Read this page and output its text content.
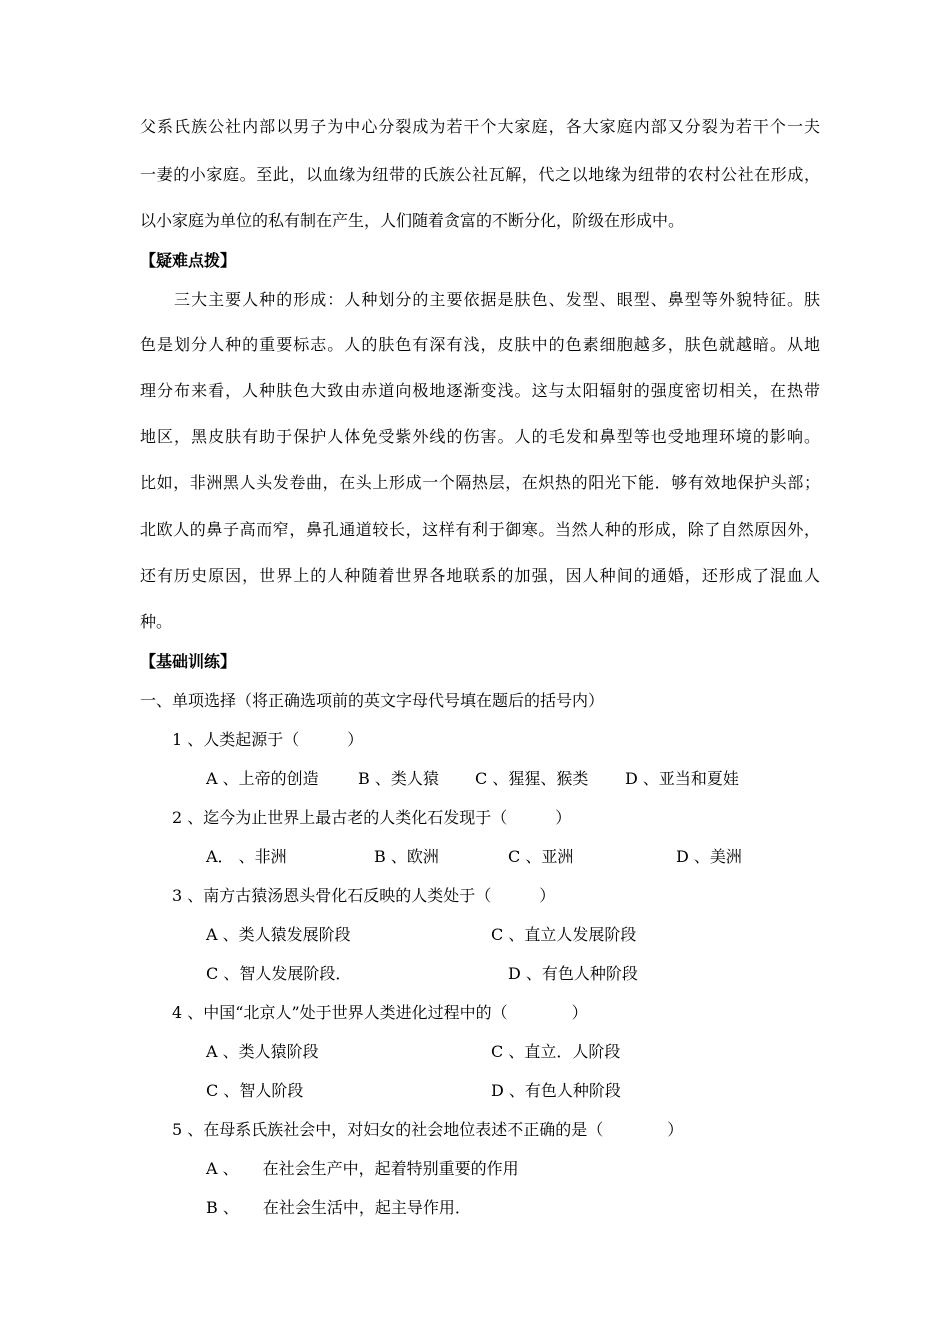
父系氏族公社内部以男子为中心分裂成为若干个大家庭，各大家庭内部又分裂为若干个一夫
一妻的小家庭。至此，以血缘为纽带的氏族公社瓦解，代之以地缘为纽带的农村公社在形成，
以小家庭为单位的私有制在产生，人们随着贪富的不断分化，阶级在形成中。
【疑难点拨】
　　三大主要人种的形成：人种划分的主要依据是肤色、发型、眼型、鼻型等外貌特征。肤
色是划分人种的重要标志。人的肤色有深有浅，皮肤中的色素细胞越多，肤色就越暗。从地
理分布来看，人种肤色大致由赤道向极地逐渐变浅。这与太阳辐射的强度密切相关，在热带
地区，黑皮肤有助于保护人体免受紫外线的伤害。人的毛发和鼻型等也受地理环境的影响。
比如，非洲黑人头发卷曲，在头上形成一个隔热层，在炽热的阳光下能．够有效地保护头部；
北欧人的鼻子高而窄，鼻孔通道较长，这样有利于御寒。当然人种的形成，除了自然原因外，
还有历史原因，世界上的人种随着世界各地联系的加强，因人种间的通婚，还形成了混血人
种。
【基础训练】
一、单项选择（将正确选项前的英文字母代号填在题后的括号内）
1 、人类起源于（　　　）
A 、上帝的创造 B 、类人猿 C 、猩猩、猴类 D 、亚当和夏娃
2 、迄今为止世界上最古老的人类化石发现于（　　　）
A． 、非洲	B 、欧洲	C 、亚洲	D 、美洲
3 、南方古猿汤恩头骨化石反映的人类处于（　　　）
A 、类人猿发展阶段	C 、直立人发展阶段
C 、智人发展阶段．	D 、有色人种阶段
4 、中国“北京人”处于世界人类进化过程中的（　　　　）
A 、类人猿阶段	C 、直立．人阶段
C 、智人阶段	D 、有色人种阶段
5 、在母系氏族社会中，对妇女的社会地位表述不正确的是（　　　　）
A 、　　在社会生产中，起着特别重要的作用
B 、　　在社会生活中，起主导作用．
